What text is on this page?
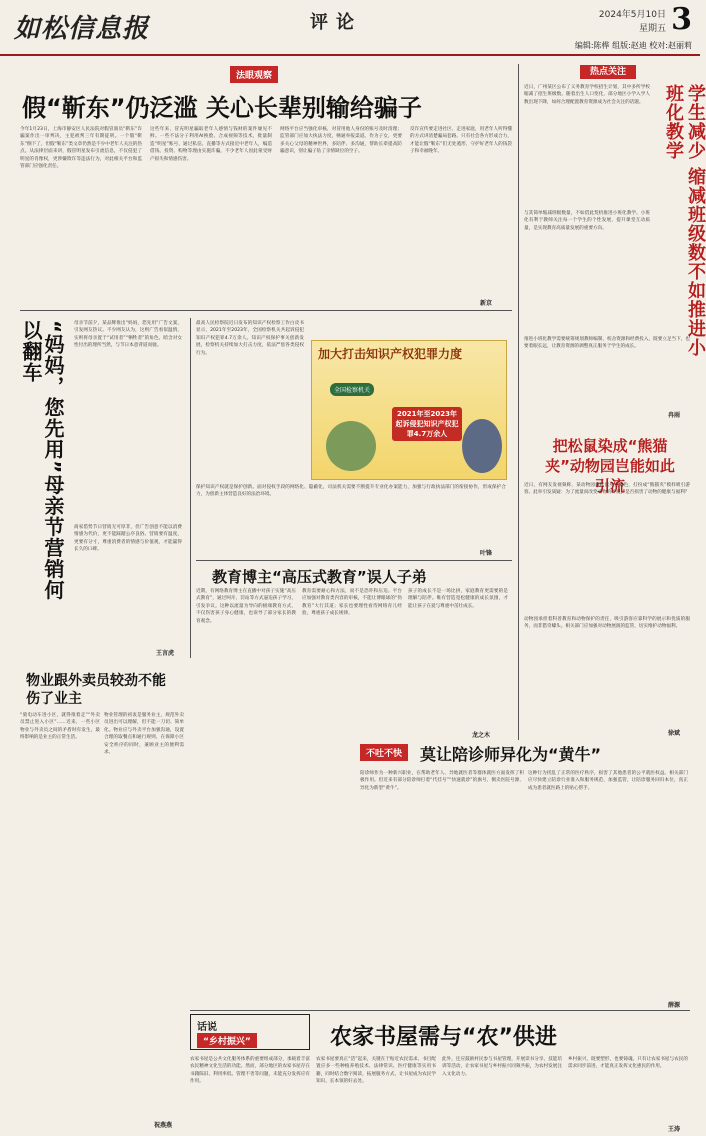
如松信息报	评论	2024年5月10日
星期五 3
编辑:陈桦 组版:赵迪 校对:赵丽莉
法眼观察
假“靳东”仍泛滥 关心长辈别输给骗子
今年1月23日，上海市静安区人民法院对假冒演员“靳东”诈骗案作出一审判决，主犯被判三年有期徒刑。一个假“靳东”倒下了，但假“靳东”类文章仍然是不少中老年人关注的热点。从法律层面来讲，假冒明星发布引流信息，不仅侵犯了明星的肖像权，更涉嫌欺诈等违法行为，对此相关平台和监管部门应强化责任。
这些年来，冒充明星骗取老年人感情与钱财的案件屡见不鲜。一些不法分子利用AI换脸、合成视频等技术，批量制造“明星”账号，通过私信、直播等方式接近中老年人，编造借钱、投资、购物等理由实施诈骗，不少老年人因此蒙受财产损失和情感伤害。
网络平台应当强化审核，对冒用他人身份的账号及时清理；监管部门应加大执法力度，畅通举报渠道。作为子女，更要多关心父母的精神世界，多陪伴、多沟通，帮助长辈提高防骗意识，别让骗子钻了亲情缺位的空子。
反诈宣传要走进社区、走进家庭，用老年人听得懂的方式讲清楚骗局套路。只有社会各方形成合力，才能让假“靳东”们无处遁形，守护好老年人的钱袋子和幸福晚年。
新京
“妈妈，您先用”母亲节营销何以翻车	母亲节前夕，某品牌推出“妈妈，您先用”广告文案，引发网友热议。不少网友认为，这则广告看似温情，实则将母亲置于“试用者”“牺牲者”的角色，暗含对女性付出的理所当然，与节日本意背道而驰。
商家借势节日营销无可厚非，但广告创意不能以消费情感为代价，更不能踩踏公序良俗。营销要有温度，更要有分寸，尊重消费者的情感与价值观，才能赢得长久的口碑。
王言虎
物业跟外卖员较劲不能伤了业主
“骑电动车进小区，就得推着走”“外卖员禁止进入小区”……近来，一些小区物业与外卖员之间的矛盾时有发生，最终影响的是业主的正常生活。
物业管理的初衷是服务业主，规范外卖员进出可以理解，但不能一刀切、简单化。物业应与外卖平台加强沟通，设置合理的取餐点和通行规则，在保障小区安全秩序的同时，兼顾业主的便利需求。
祝燕燕
最高人民检察院近日发布的知识产权检察工作白皮书显示，2021年至2023年，全国检察机关共起诉侵犯知识产权犯罪4.7万余人。知识产权保护事关创新发展，检察机关持续加大打击力度，依法严惩各类侵权行为。	加大打击知识产权犯罪力度
全国检察机关
2021年至2023年起诉侵犯知识产权犯罪4.7万余人
保护知识产权就是保护创新。面对侵权手段的网络化、隐蔽化，司法机关需要不断提升专业化办案能力，加强与行政执法部门的衔接协作，形成保护合力，为创新主体营造良好的法治环境。
叶锋
教育博主“高压式教育”误人子弟
近期，有网络教育博主在直播中对孩子实施“高压式教育”，通过呵斥、罚站等方式逼迫孩子学习，引发争议。这种以流量为导向的极端教育方式，不仅伤害孩子身心健康，也误导了部分家长的教育观念。
教育需要耐心和方法，而不是恐吓和压迫。平台应加强对教育类内容的审核，不能让博眼球的“伪教育”大行其道；家长也要理性看待网络育儿经验，尊重孩子成长规律。
孩子的成长不是一场比拼，家庭教育更需要的是理解与陪伴。唯有营造宽松健康的成长氛围，才能让孩子在爱与尊重中茁壮成长。
龙之木
不吐不快	莫让陪诊师异化为“黄牛”
陪诊师作为一种新兴职业，在帮助老年人、异地就医者等群体就医方面发挥了积极作用。但近来有部分陪诊师打着“代挂号”“快速就诊”的旗号，倒卖医院号源，异化为新型“黄牛”。
这种行为扰乱了正常的医疗秩序，损害了其他患者的公平就医权益。相关部门应尽快建立陪诊行业准入和服务规范，加强监管，让陪诊服务回归本位，真正成为患者就医路上的贴心帮手。
薛源
热点关注
学生减少 缩减班级数不如推进小班化教学
近日，广州某区公布了义务教育学校招生计划，其中多所学校缩减了招生班级数。随着出生人口变化，部分地区小学入学人数出现下降，如何合理配置教育资源成为社会关注的话题。
与其简单缩减班级数量，不如借此契机推进小班化教学。小班化有利于教师关注每一个学生的个性发展，提升课堂互动质量，是实现教育高质量发展的重要方向。
推进小班化教学需要统筹规划教师编制、校舍资源和经费投入，既要立足当下，也要着眼长远，让教育资源的调整真正服务于学生的成长。
冉雨
把松鼠染成“熊猫夹”动物园岂能如此引流
近日，有网友发视频称，某动物园将松鼠身上染色，打扮成“熊猫夹”模样吸引游客。此举引发质疑：为了流量而改变动物的外观，是否损害了动物的健康与福利？
动物园承担着科普教育和动物保护的责任，吸引游客应靠科学的展示和优质的服务，而非猎奇噱头。相关部门应加强对动物展演的监管，切实维护动物福利。
徐斌
话说
“乡村振兴”	农家书屋需与“农”供进
农家书屋是公共文化服务体系的重要组成部分，承载着丰富农民精神文化生活的功能。然而，部分地区的农家书屋存在书籍陈旧、利用率低、管理不善等问题，未能充分发挥应有作用。
农家书屋要真正“活”起来，关键在于贴近农民需求。书目配置应多一些种植养殖技术、法律常识、医疗健康等实用书籍，同时结合数字阅读，拓展服务方式，让书屋成为农民学知识、长本领的好去处。
此外，还应鼓励村民参与书屋管理，开展读书分享、技能培训等活动，让农家书屋与乡村振兴同频共振，为农村发展注入文化动力。
乡村振兴，既要塑形，也要铸魂。只有让农家书屋与农民的需求同步前进，才能真正发挥文化惠民的作用。
王涛
